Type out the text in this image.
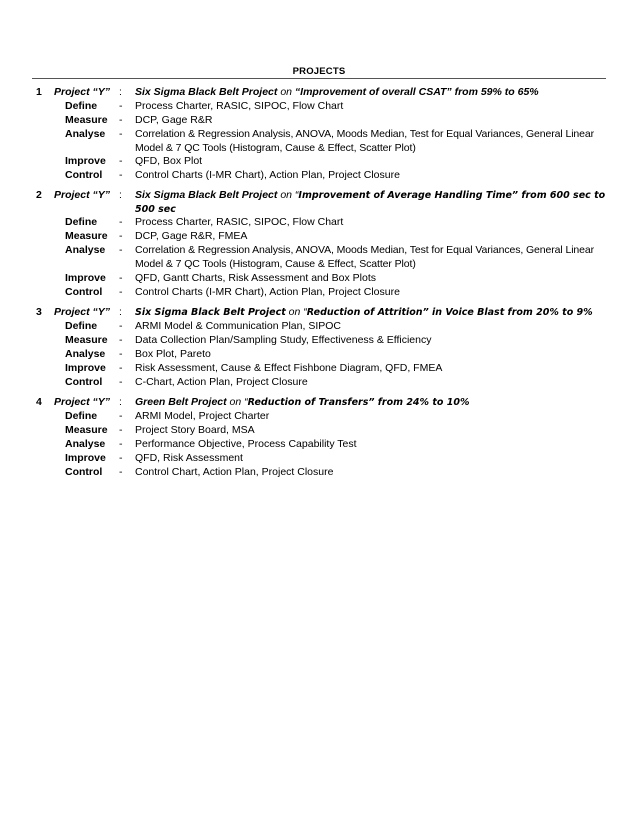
PROJECTS
1 Project “Y” : Six Sigma Black Belt Project on “Improvement of overall CSAT” from 59% to 65%
Define - Process Charter, RASIC, SIPOC, Flow Chart
Measure - DCP, Gage R&R
Analyse - Correlation & Regression Analysis, ANOVA, Moods Median, Test for Equal Variances, General Linear Model & 7 QC Tools (Histogram, Cause & Effect, Scatter Plot)
Improve - QFD, Box Plot
Control - Control Charts (I-MR Chart), Action Plan, Project Closure
2 Project “Y” : Six Sigma Black Belt Project on “Improvement of Average Handling Time” from 600 sec to 500 sec
Define - Process Charter, RASIC, SIPOC, Flow Chart
Measure - DCP, Gage R&R, FMEA
Analyse - Correlation & Regression Analysis, ANOVA, Moods Median, Test for Equal Variances, General Linear Model & 7 QC Tools (Histogram, Cause & Effect, Scatter Plot)
Improve - QFD, Gantt Charts, Risk Assessment and Box Plots
Control - Control Charts (I-MR Chart), Action Plan, Project Closure
3 Project “Y” : Six Sigma Black Belt Project on “Reduction of Attrition” in Voice Blast from 20% to 9%
Define - ARMI Model & Communication Plan, SIPOC
Measure - Data Collection Plan/Sampling Study, Effectiveness & Efficiency
Analyse - Box Plot, Pareto
Improve - Risk Assessment, Cause & Effect Fishbone Diagram, QFD, FMEA
Control - C-Chart, Action Plan, Project Closure
4 Project “Y” : Green Belt Project on “Reduction of Transfers” from 24% to 10%
Define - ARMI Model, Project Charter
Measure - Project Story Board, MSA
Analyse - Performance Objective, Process Capability Test
Improve - QFD, Risk Assessment
Control - Control Chart, Action Plan, Project Closure
